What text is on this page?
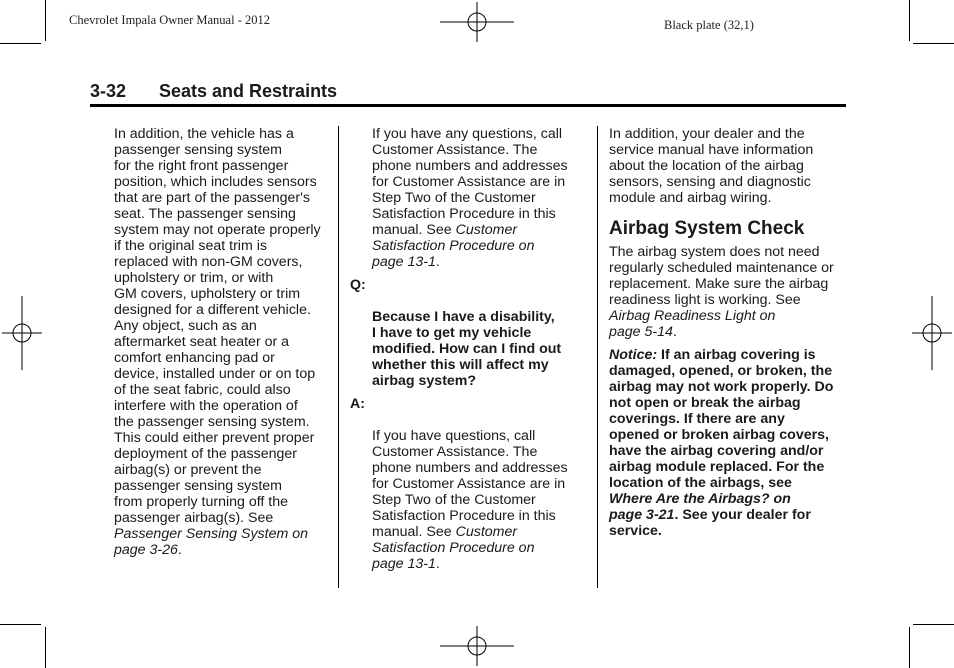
Chevrolet Impala Owner Manual - 2012	Black plate (32,1)
3-32 Seats and Restraints

In addition, the vehicle has a
passenger sensing system
for the right front passenger
position, which includes sensors
that are part of the passenger's
seat. The passenger sensing
system may not operate properly
if the original seat trim is
replaced with non-GM covers,
upholstery or trim, or with
GM covers, upholstery or trim
designed for a different vehicle.
Any object, such as an
aftermarket seat heater or a
comfort enhancing pad or
device, installed under or on top
of the seat fabric, could also
interfere with the operation of
the passenger sensing system.
This could either prevent proper
deployment of the passenger
airbag(s) or prevent the
passenger sensing system
from properly turning off the
passenger airbag(s). See
Passenger Sensing System on
page 3-26.

If you have any questions, call
Customer Assistance. The
phone numbers and addresses
for Customer Assistance are in
Step Two of the Customer
Satisfaction Procedure in this
manual. See Customer
Satisfaction Procedure on
page 13-1.

Q:

Because I have a disability,
I have to get my vehicle
modified. How can I find out
whether this will affect my
airbag system?

A:

If you have questions, call
Customer Assistance. The
phone numbers and addresses
for Customer Assistance are in
Step Two of the Customer
Satisfaction Procedure in this
manual. See Customer
Satisfaction Procedure on
page 13-1.

In addition, your dealer and the
service manual have information
about the location of the airbag
sensors, sensing and diagnostic
module and airbag wiring.

Airbag System Check

The airbag system does not need
regularly scheduled maintenance or
replacement. Make sure the airbag
readiness light is working. See
Airbag Readiness Light on
page 5-14.

Notice: If an airbag covering is
damaged, opened, or broken, the
airbag may not work properly. Do
not open or break the airbag
coverings. If there are any
opened or broken airbag covers,
have the airbag covering and/or
airbag module replaced. For the
location of the airbags, see
Where Are the Airbags? on
page 3-21. See your dealer for
service.
